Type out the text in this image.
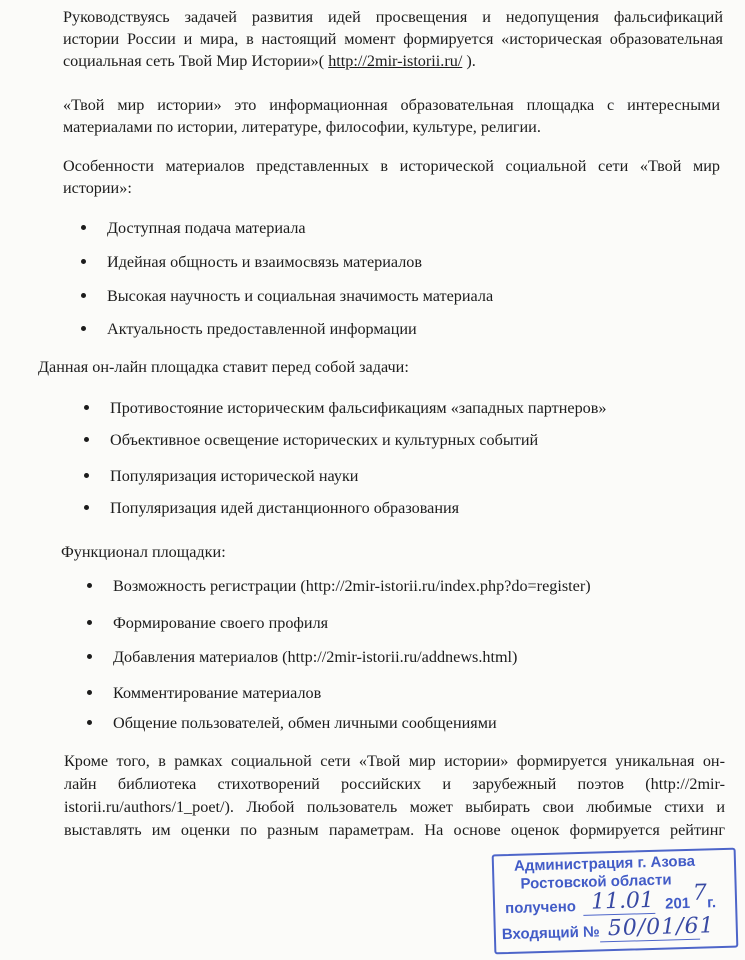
Руководствуясь задачей развития идей просвещения и недопущения фальсификаций
истории России и мира, в настоящий момент формируется «историческая образовательная
социальная сеть Твой Мир Истории»( http://2mir-istorii.ru/ ).

«Твой мир истории» это информационная образовательная площадка с интересными
материалами по истории, литературе, философии, культуре, религии.

Особенности материалов представленных в исторической социальной сети «Твой мир
истории»:

Доступная подача материала
Идейная общность и взаимосвязь материалов
Высокая научность и социальная значимость материала
Актуальность предоставленной информации

Данная он-лайн площадка ставит перед собой задачи:

Противостояние историческим фальсификациям «западных партнеров»
Объективное освещение исторических и культурных событий
Популяризация исторической науки
Популяризация идей дистанционного образования

Функционал площадки:

Возможность регистрации (http://2mir-istorii.ru/index.php?do=register)
Формирование своего профиля
Добавления материалов (http://2mir-istorii.ru/addnews.html)
Комментирование материалов
Общение пользователей, обмен личными сообщениями

Кроме того, в рамках социальной сети «Твой мир истории» формируется уникальная он-
лайн библиотека стихотворений российских и зарубежный поэтов (http://2mir-
istorii.ru/authors/1_poet/). Любой пользователь может выбирать свои любимые стихи и
выставлять им оценки по разным параметрам. На основе оценок формируется рейтинг

Администрация г. Азова
Ростовской области
получено 11.01 201 7 г.
Входящий № 50/01/61
